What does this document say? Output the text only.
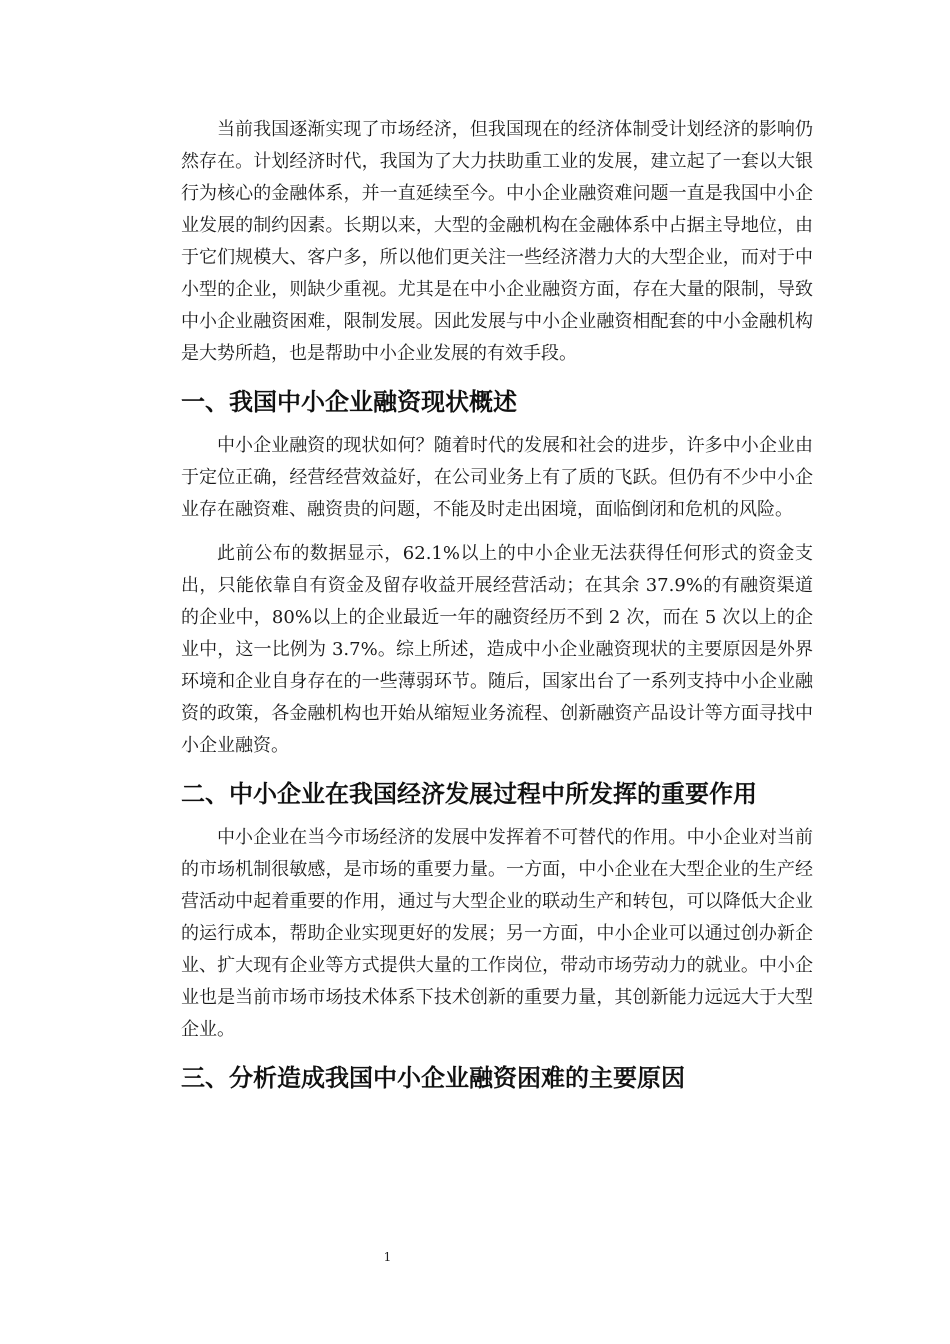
当前我国逐渐实现了市场经济，但我国现在的经济体制受计划经济的影响仍然存在。计划经济时代，我国为了大力扶助重工业的发展，建立起了一套以大银行为核心的金融体系，并一直延续至今。中小企业融资难问题一直是我国中小企业发展的制约因素。长期以来，大型的金融机构在金融体系中占据主导地位，由于它们规模大、客户多，所以他们更关注一些经济潜力大的大型企业，而对于中小型的企业，则缺少重视。尤其是在中小企业融资方面，存在大量的限制，导致中小企业融资困难，限制发展。因此发展与中小企业融资相配套的中小金融机构是大势所趋，也是帮助中小企业发展的有效手段。

一、我国中小企业融资现状概述

中小企业融资的现状如何？随着时代的发展和社会的进步，许多中小企业由于定位正确，经营经营效益好，在公司业务上有了质的飞跃。但仍有不少中小企业存在融资难、融资贵的问题，不能及时走出困境，面临倒闭和危机的风险。

此前公布的数据显示，62.1%以上的中小企业无法获得任何形式的资金支出，只能依靠自有资金及留存收益开展经营活动；在其余 37.9%的有融资渠道的企业中，80%以上的企业最近一年的融资经历不到 2 次，而在 5 次以上的企业中，这一比例为 3.7%。综上所述，造成中小企业融资现状的主要原因是外界环境和企业自身存在的一些薄弱环节。随后，国家出台了一系列支持中小企业融资的政策，各金融机构也开始从缩短业务流程、创新融资产品设计等方面寻找中小企业融资。

二、中小企业在我国经济发展过程中所发挥的重要作用

中小企业在当今市场经济的发展中发挥着不可替代的作用。中小企业对当前的市场机制很敏感，是市场的重要力量。一方面，中小企业在大型企业的生产经营活动中起着重要的作用，通过与大型企业的联动生产和转包，可以降低大企业的运行成本，帮助企业实现更好的发展；另一方面，中小企业可以通过创办新企业、扩大现有企业等方式提供大量的工作岗位，带动市场劳动力的就业。中小企业也是当前市场市场技术体系下技术创新的重要力量，其创新能力远远大于大型企业。

三、分析造成我国中小企业融资困难的主要原因
1
